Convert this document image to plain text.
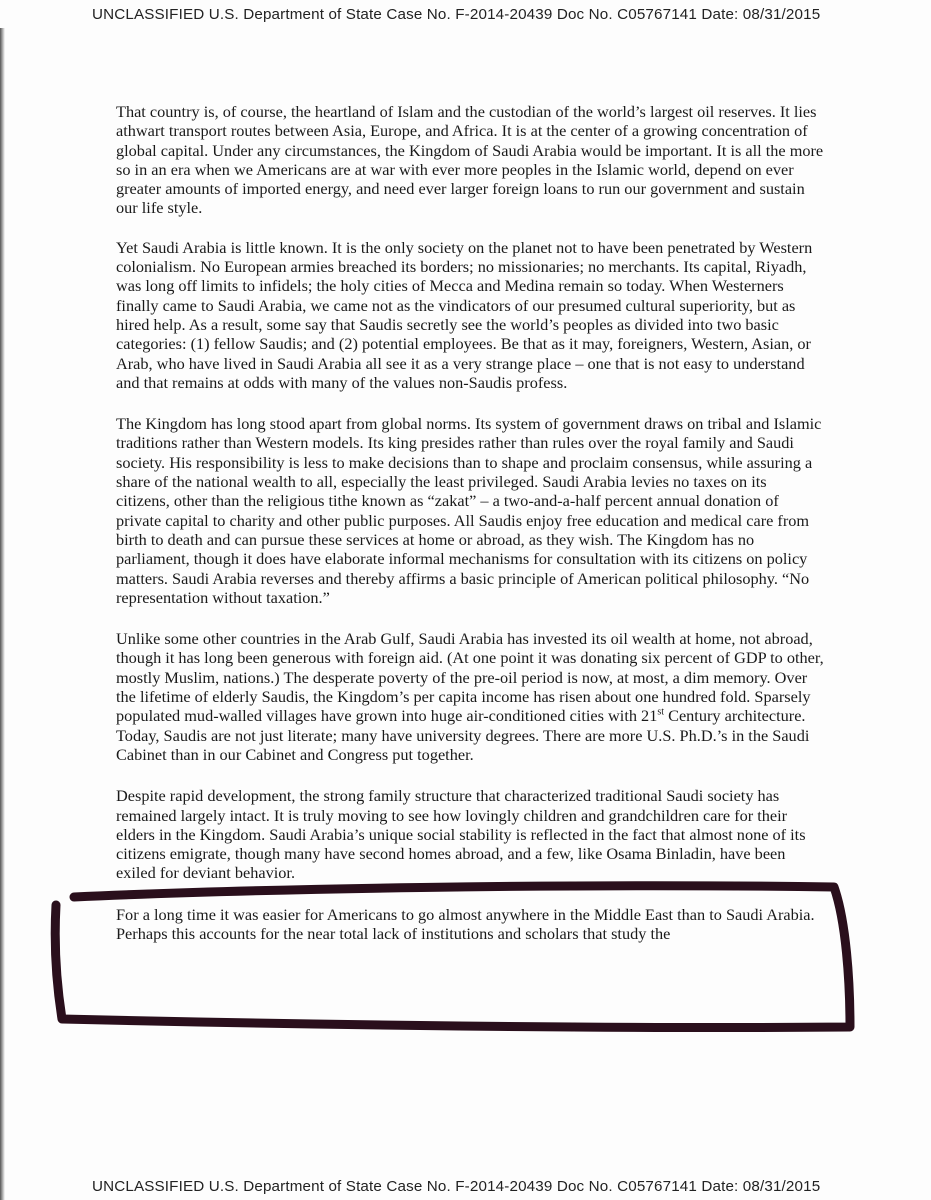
UNCLASSIFIED U.S. Department of State Case No. F-2014-20439 Doc No. C05767141 Date: 08/31/2015

That country is, of course, the heartland of Islam and the custodian of the world’s largest oil reserves. It lies athwart transport routes between Asia, Europe, and Africa. It is at the center of a growing concentration of global capital. Under any circumstances, the Kingdom of Saudi Arabia would be important. It is all the more so in an era when we Americans are at war with ever more peoples in the Islamic world, depend on ever greater amounts of imported energy, and need ever larger foreign loans to run our government and sustain our life style.

Yet Saudi Arabia is little known. It is the only society on the planet not to have been penetrated by Western colonialism. No European armies breached its borders; no missionaries; no merchants. Its capital, Riyadh, was long off limits to infidels; the holy cities of Mecca and Medina remain so today. When Westerners finally came to Saudi Arabia, we came not as the vindicators of our presumed cultural superiority, but as hired help. As a result, some say that Saudis secretly see the world’s peoples as divided into two basic categories: (1) fellow Saudis; and (2) potential employees. Be that as it may, foreigners, Western, Asian, or Arab, who have lived in Saudi Arabia all see it as a very strange place – one that is not easy to understand and that remains at odds with many of the values non-Saudis profess.

The Kingdom has long stood apart from global norms. Its system of government draws on tribal and Islamic traditions rather than Western models. Its king presides rather than rules over the royal family and Saudi society. His responsibility is less to make decisions than to shape and proclaim consensus, while assuring a share of the national wealth to all, especially the least privileged. Saudi Arabia levies no taxes on its citizens, other than the religious tithe known as “zakat” – a two-and-a-half percent annual donation of private capital to charity and other public purposes. All Saudis enjoy free education and medical care from birth to death and can pursue these services at home or abroad, as they wish. The Kingdom has no parliament, though it does have elaborate informal mechanisms for consultation with its citizens on policy matters. Saudi Arabia reverses and thereby affirms a basic principle of American political philosophy. “No representation without taxation.”

Unlike some other countries in the Arab Gulf, Saudi Arabia has invested its oil wealth at home, not abroad, though it has long been generous with foreign aid. (At one point it was donating six percent of GDP to other, mostly Muslim, nations.) The desperate poverty of the pre-oil period is now, at most, a dim memory. Over the lifetime of elderly Saudis, the Kingdom’s per capita income has risen about one hundred fold. Sparsely populated mud-walled villages have grown into huge air-conditioned cities with 21st Century architecture. Today, Saudis are not just literate; many have university degrees. There are more U.S. Ph.D.’s in the Saudi Cabinet than in our Cabinet and Congress put together.

Despite rapid development, the strong family structure that characterized traditional Saudi society has remained largely intact. It is truly moving to see how lovingly children and grandchildren care for their elders in the Kingdom. Saudi Arabia’s unique social stability is reflected in the fact that almost none of its citizens emigrate, though many have second homes abroad, and a few, like Osama Binladin, have been exiled for deviant behavior.

For a long time it was easier for Americans to go almost anywhere in the Middle East than to Saudi Arabia. Perhaps this accounts for the near total lack of institutions and scholars that study the

UNCLASSIFIED U.S. Department of State Case No. F-2014-20439 Doc No. C05767141 Date: 08/31/2015
